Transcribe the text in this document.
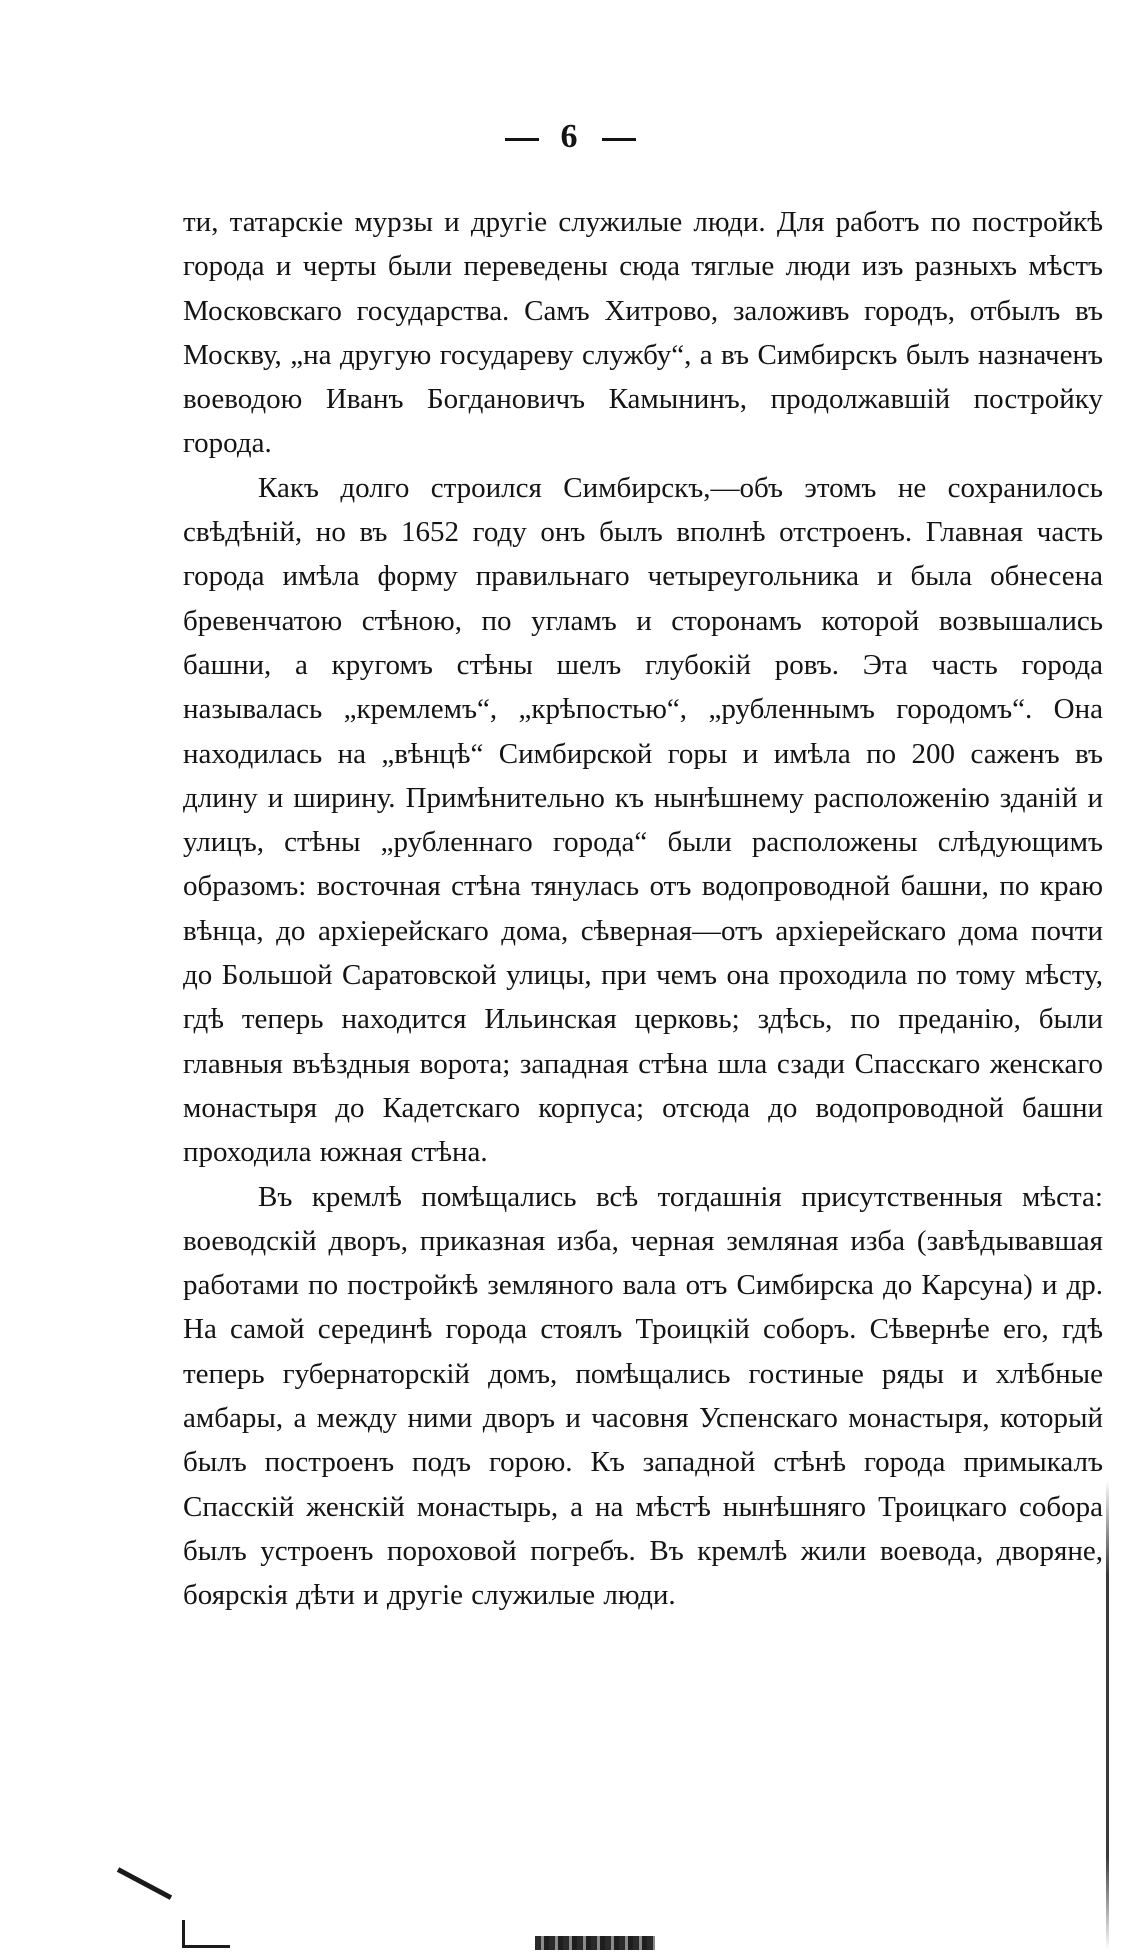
6

ти, татарскіе мурзы и другіе служилые люди. Для работъ по постройкѣ города и черты были переведены сюда тяглые люди изъ разныхъ мѣстъ Московскаго государства. Самъ Хитрово, заложивъ городъ, отбылъ въ Москву, „на другую государеву службу“, а въ Симбирскъ былъ назначенъ воеводою Иванъ Богдановичъ Камынинъ, продолжавшій постройку города.

Какъ долго строился Симбирскъ,—объ этомъ не сохранилось свѣдѣній, но въ 1652 году онъ былъ вполнѣ отстроенъ. Главная часть города имѣла форму правильнаго четыреугольника и была обнесена бревенчатою стѣною, по угламъ и сторонамъ которой возвышались башни, а кругомъ стѣны шелъ глубокій ровъ. Эта часть города называлась „кремлемъ“, „крѣпостью“, „рубленнымъ городомъ“. Она находилась на „вѣнцѣ“ Симбирской горы и имѣла по 200 саженъ въ длину и ширину. Примѣнительно къ нынѣшнему расположенію зданій и улицъ, стѣны „рубленнаго города“ были расположены слѣдующимъ образомъ: восточная стѣна тянулась отъ водопроводной башни, по краю вѣнца, до архіерейскаго дома, сѣверная—отъ архіерейскаго дома почти до Большой Саратовской улицы, при чемъ она проходила по тому мѣсту, гдѣ теперь находится Ильинская церковь; здѣсь, по преданію, были главныя въѣздныя ворота; западная стѣна шла сзади Спасскаго женскаго монастыря до Кадетскаго корпуса; отсюда до водопроводной башни проходила южная стѣна.

Въ кремлѣ помѣщались всѣ тогдашнія присутственныя мѣста: воеводскій дворъ, приказная изба, черная земляная изба (завѣдывавшая работами по постройкѣ земляного вала отъ Симбирска до Карсуна) и др. На самой серединѣ города стоялъ Троицкій соборъ. Сѣвернѣе его, гдѣ теперь губернаторскій домъ, помѣщались гостиные ряды и хлѣбные амбары, а между ними дворъ и часовня Успенскаго монастыря, который былъ построенъ подъ горою. Къ западной стѣнѣ города примыкалъ Спасскій женскій монастырь, а на мѣстѣ нынѣшняго Троицкаго собора былъ устроенъ пороховой погребъ. Въ кремлѣ жили воевода, дворяне, боярскія дѣти и другіе служилые люди.
